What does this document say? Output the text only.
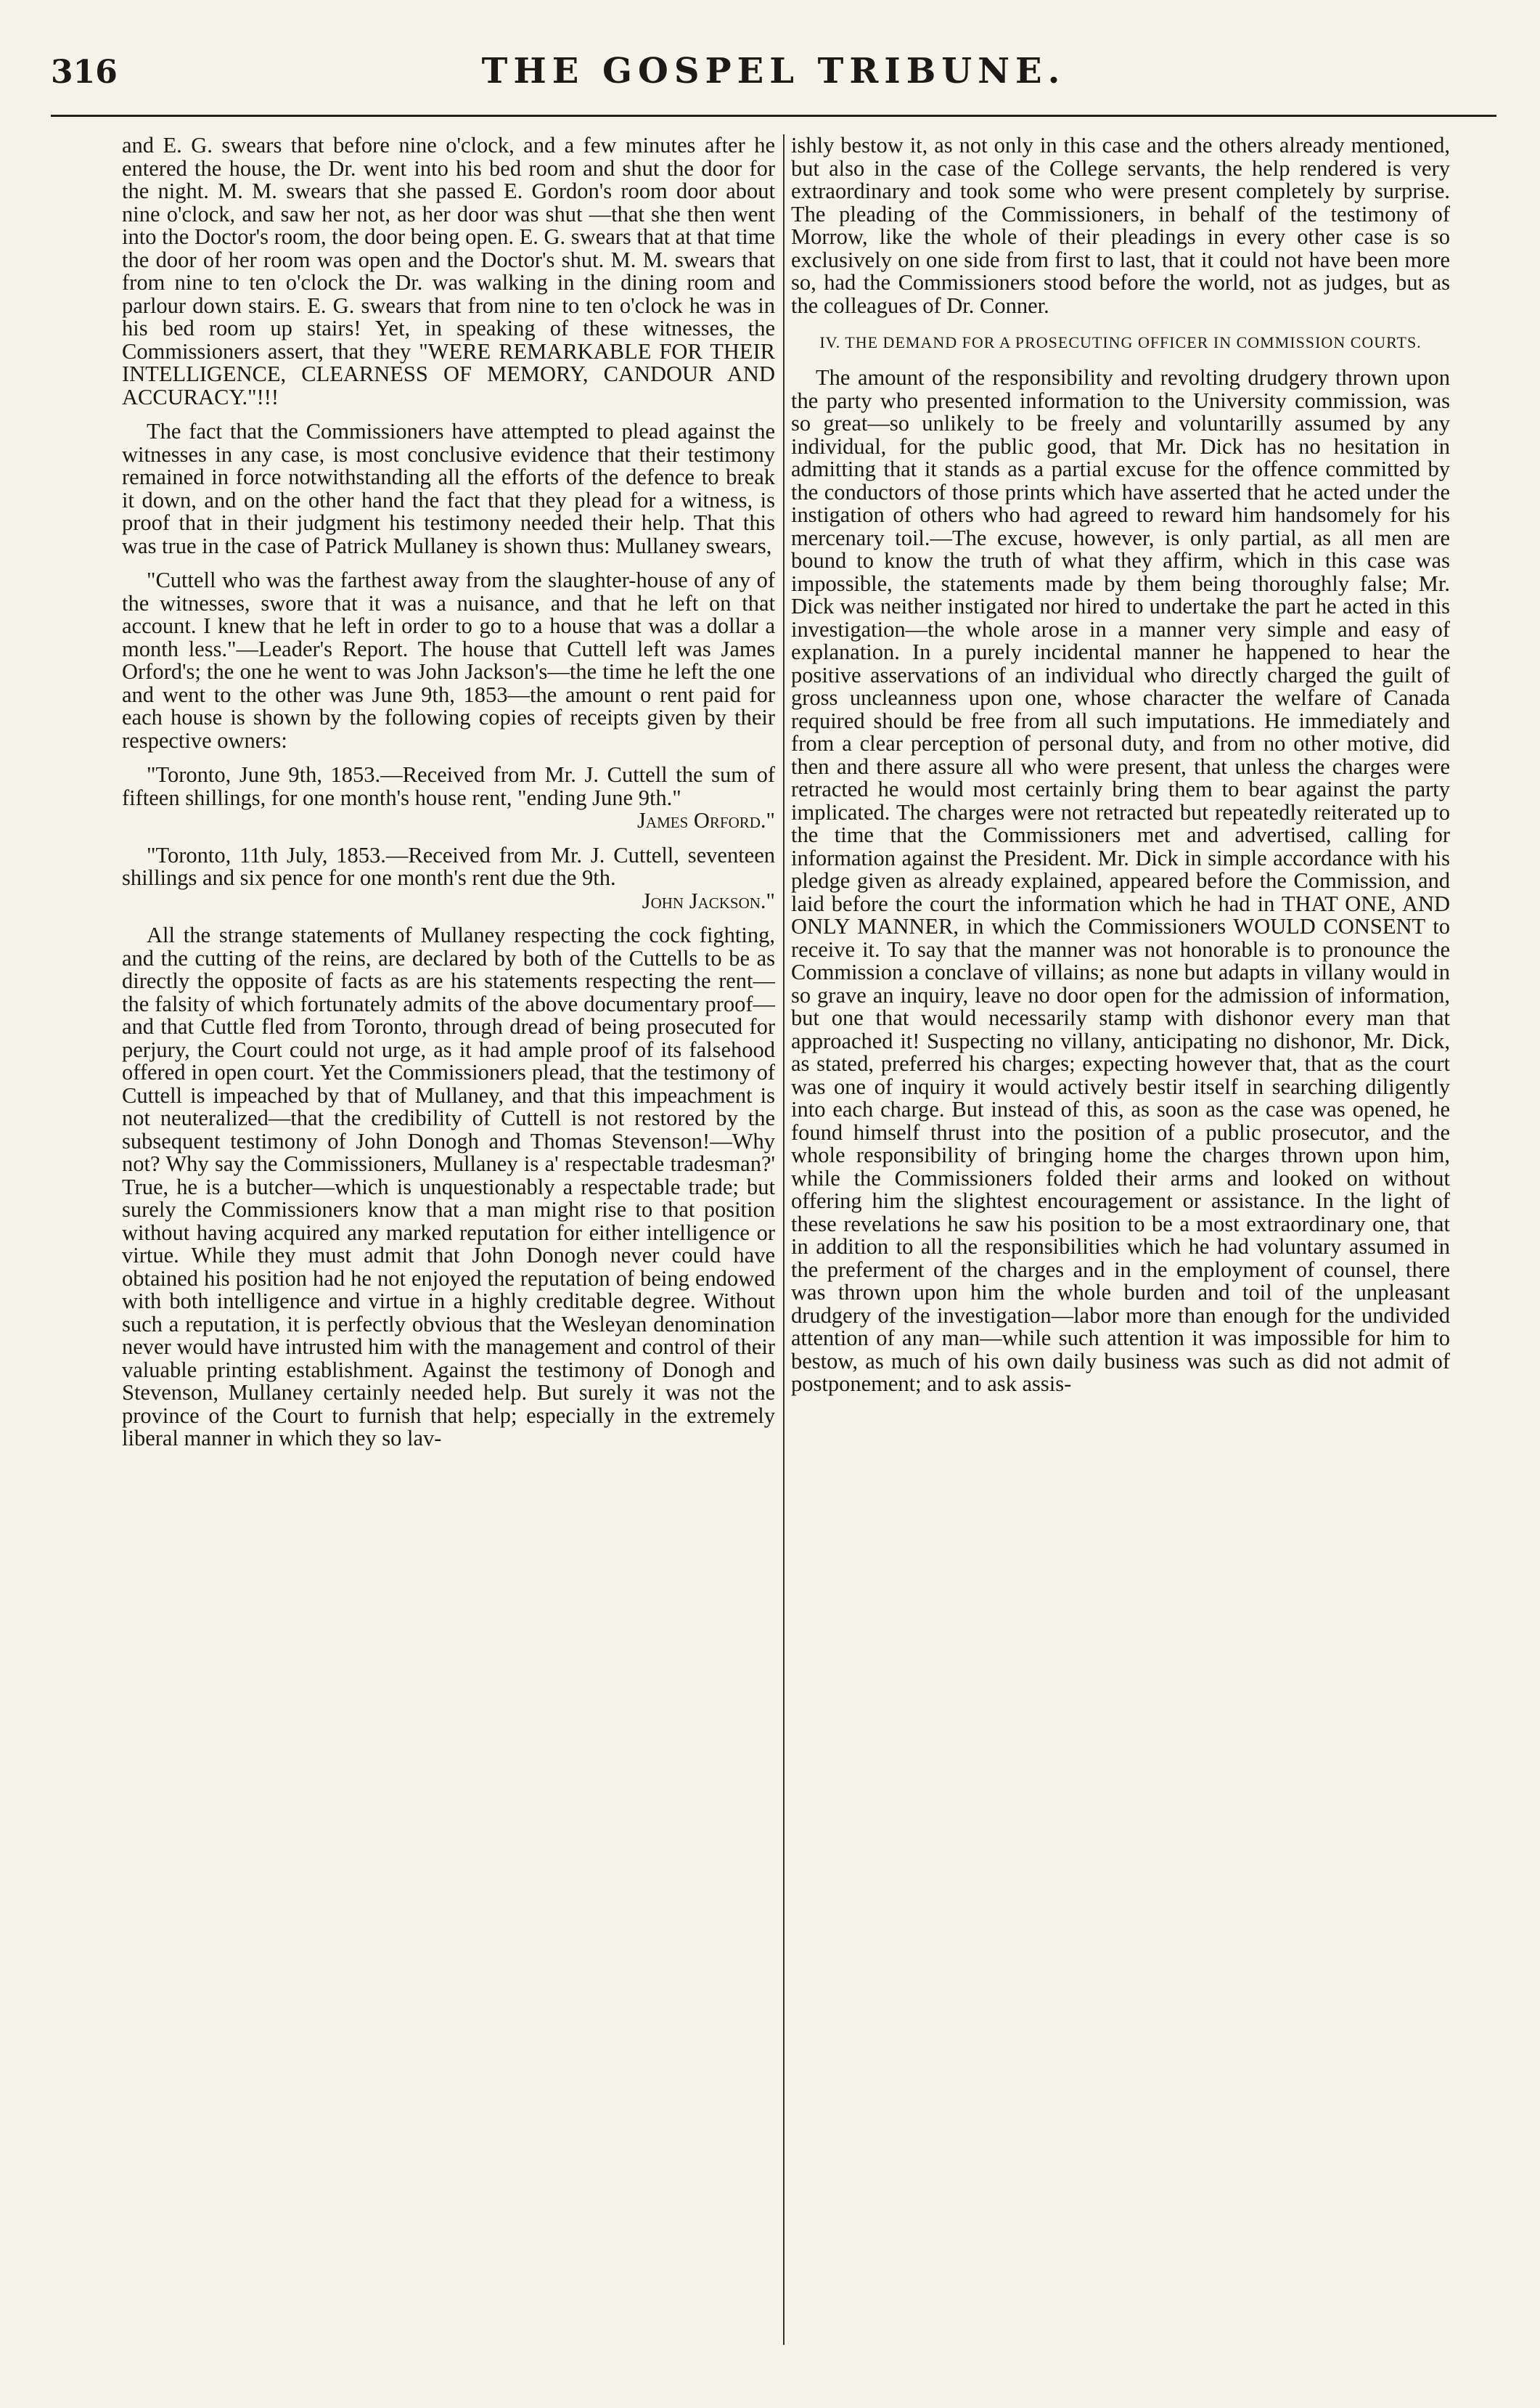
316	THE GOSPEL TRIBUNE.

and E. G. swears that before nine o'clock, and a few minutes after he entered the house, the Dr. went into his bed room and shut the door for the night. M. M. swears that she passed E. Gordon's room door about nine o'clock, and saw her not, as her door was shut —that she then went into the Doctor's room, the door being open. E. G. swears that at that time the door of her room was open and the Doctor's shut. M. M. swears that from nine to ten o'clock the Dr. was walking in the dining room and parlour down stairs. E. G. swears that from nine to ten o'clock he was in his bed room up stairs! Yet, in speaking of these witnesses, the Commissioners assert, that they "WERE REMARKABLE FOR THEIR INTELLIGENCE, CLEARNESS OF MEMORY, CANDOUR AND ACCURACY."!!!

The fact that the Commissioners have attempted to plead against the witnesses in any case, is most conclusive evidence that their testimony remained in force notwithstanding all the efforts of the defence to break it down, and on the other hand the fact that they plead for a witness, is proof that in their judgment his testimony needed their help. That this was true in the case of Patrick Mullaney is shown thus: Mullaney swears,

"Cuttell who was the farthest away from the slaughter-house of any of the witnesses, swore that it was a nuisance, and that he left on that account. I knew that he left in order to go to a house that was a dollar a month less."—Leader's Report. The house that Cuttell left was James Orford's; the one he went to was John Jackson's—the time he left the one and went to the other was June 9th, 1853—the amount o rent paid for each house is shown by the following copies of receipts given by their respective owners:

"Toronto, June 9th, 1853.—Received from Mr. J. Cuttell the sum of fifteen shillings, for one month's house rent, "ending June 9th."
James Orford."

"Toronto, 11th July, 1853.—Received from Mr. J. Cuttell, seventeen shillings and six pence for one month's rent due the 9th.
John Jackson."

All the strange statements of Mullaney respecting the cock fighting, and the cutting of the reins, are declared by both of the Cuttells to be as directly the opposite of facts as are his statements respecting the rent—the falsity of which fortunately admits of the above documentary proof—and that Cuttle fled from Toronto, through dread of being prosecuted for perjury, the Court could not urge, as it had ample proof of its falsehood offered in open court. Yet the Commissioners plead, that the testimony of Cuttell is impeached by that of Mullaney, and that this impeachment is not neuteralized—that the credibility of Cuttell is not restored by the subsequent testimony of John Donogh and Thomas Stevenson!—Why not? Why say the Commissioners, Mullaney is a' respectable tradesman?' True, he is a butcher—which is unquestionably a respectable trade; but surely the Commissioners know that a man might rise to that position without having acquired any marked reputation for either intelligence or virtue. While they must admit that John Donogh never could have obtained his position had he not enjoyed the reputation of being endowed with both intelligence and virtue in a highly creditable degree. Without such a reputation, it is perfectly obvious that the Wesleyan denomination never would have intrusted him with the management and control of their valuable printing establishment. Against the testimony of Donogh and Stevenson, Mullaney certainly needed help. But surely it was not the province of the Court to furnish that help; especially in the extremely liberal manner in which they so lav-

ishly bestow it, as not only in this case and the others already mentioned, but also in the case of the College servants, the help rendered is very extraordinary and took some who were present completely by surprise. The pleading of the Commissioners, in behalf of the testimony of Morrow, like the whole of their pleadings in every other case is so exclusively on one side from first to last, that it could not have been more so, had the Commissioners stood before the world, not as judges, but as the colleagues of Dr. Conner.

IV. THE DEMAND FOR A PROSECUTING OFFICER IN COMMISSION COURTS.

The amount of the responsibility and revolting drudgery thrown upon the party who presented information to the University commission, was so great—so unlikely to be freely and voluntarilly assumed by any individual, for the public good, that Mr. Dick has no hesitation in admitting that it stands as a partial excuse for the offence committed by the conductors of those prints which have asserted that he acted under the instigation of others who had agreed to reward him handsomely for his mercenary toil.—The excuse, however, is only partial, as all men are bound to know the truth of what they affirm, which in this case was impossible, the statements made by them being thoroughly false; Mr. Dick was neither instigated nor hired to undertake the part he acted in this investigation—the whole arose in a manner very simple and easy of explanation. In a purely incidental manner he happened to hear the positive asservations of an individual who directly charged the guilt of gross uncleanness upon one, whose character the welfare of Canada required should be free from all such imputations. He immediately and from a clear perception of personal duty, and from no other motive, did then and there assure all who were present, that unless the charges were retracted he would most certainly bring them to bear against the party implicated. The charges were not retracted but repeatedly reiterated up to the time that the Commissioners met and advertised, calling for information against the President. Mr. Dick in simple accordance with his pledge given as already explained, appeared before the Commission, and laid before the court the information which he had in THAT ONE, AND ONLY MANNER, in which the Commissioners WOULD CONSENT to receive it. To say that the manner was not honorable is to pronounce the Commission a conclave of villains; as none but adapts in villany would in so grave an inquiry, leave no door open for the admission of information, but one that would necessarily stamp with dishonor every man that approached it! Suspecting no villany, anticipating no dishonor, Mr. Dick, as stated, preferred his charges; expecting however that, that as the court was one of inquiry it would actively bestir itself in searching diligently into each charge. But instead of this, as soon as the case was opened, he found himself thrust into the position of a public prosecutor, and the whole responsibility of bringing home the charges thrown upon him, while the Commissioners folded their arms and looked on without offering him the slightest encouragement or assistance. In the light of these revelations he saw his position to be a most extraordinary one, that in addition to all the responsibilities which he had voluntary assumed in the preferment of the charges and in the employment of counsel, there was thrown upon him the whole burden and toil of the unpleasant drudgery of the investigation—labor more than enough for the undivided attention of any man—while such attention it was impossible for him to bestow, as much of his own daily business was such as did not admit of postponement; and to ask assis-
